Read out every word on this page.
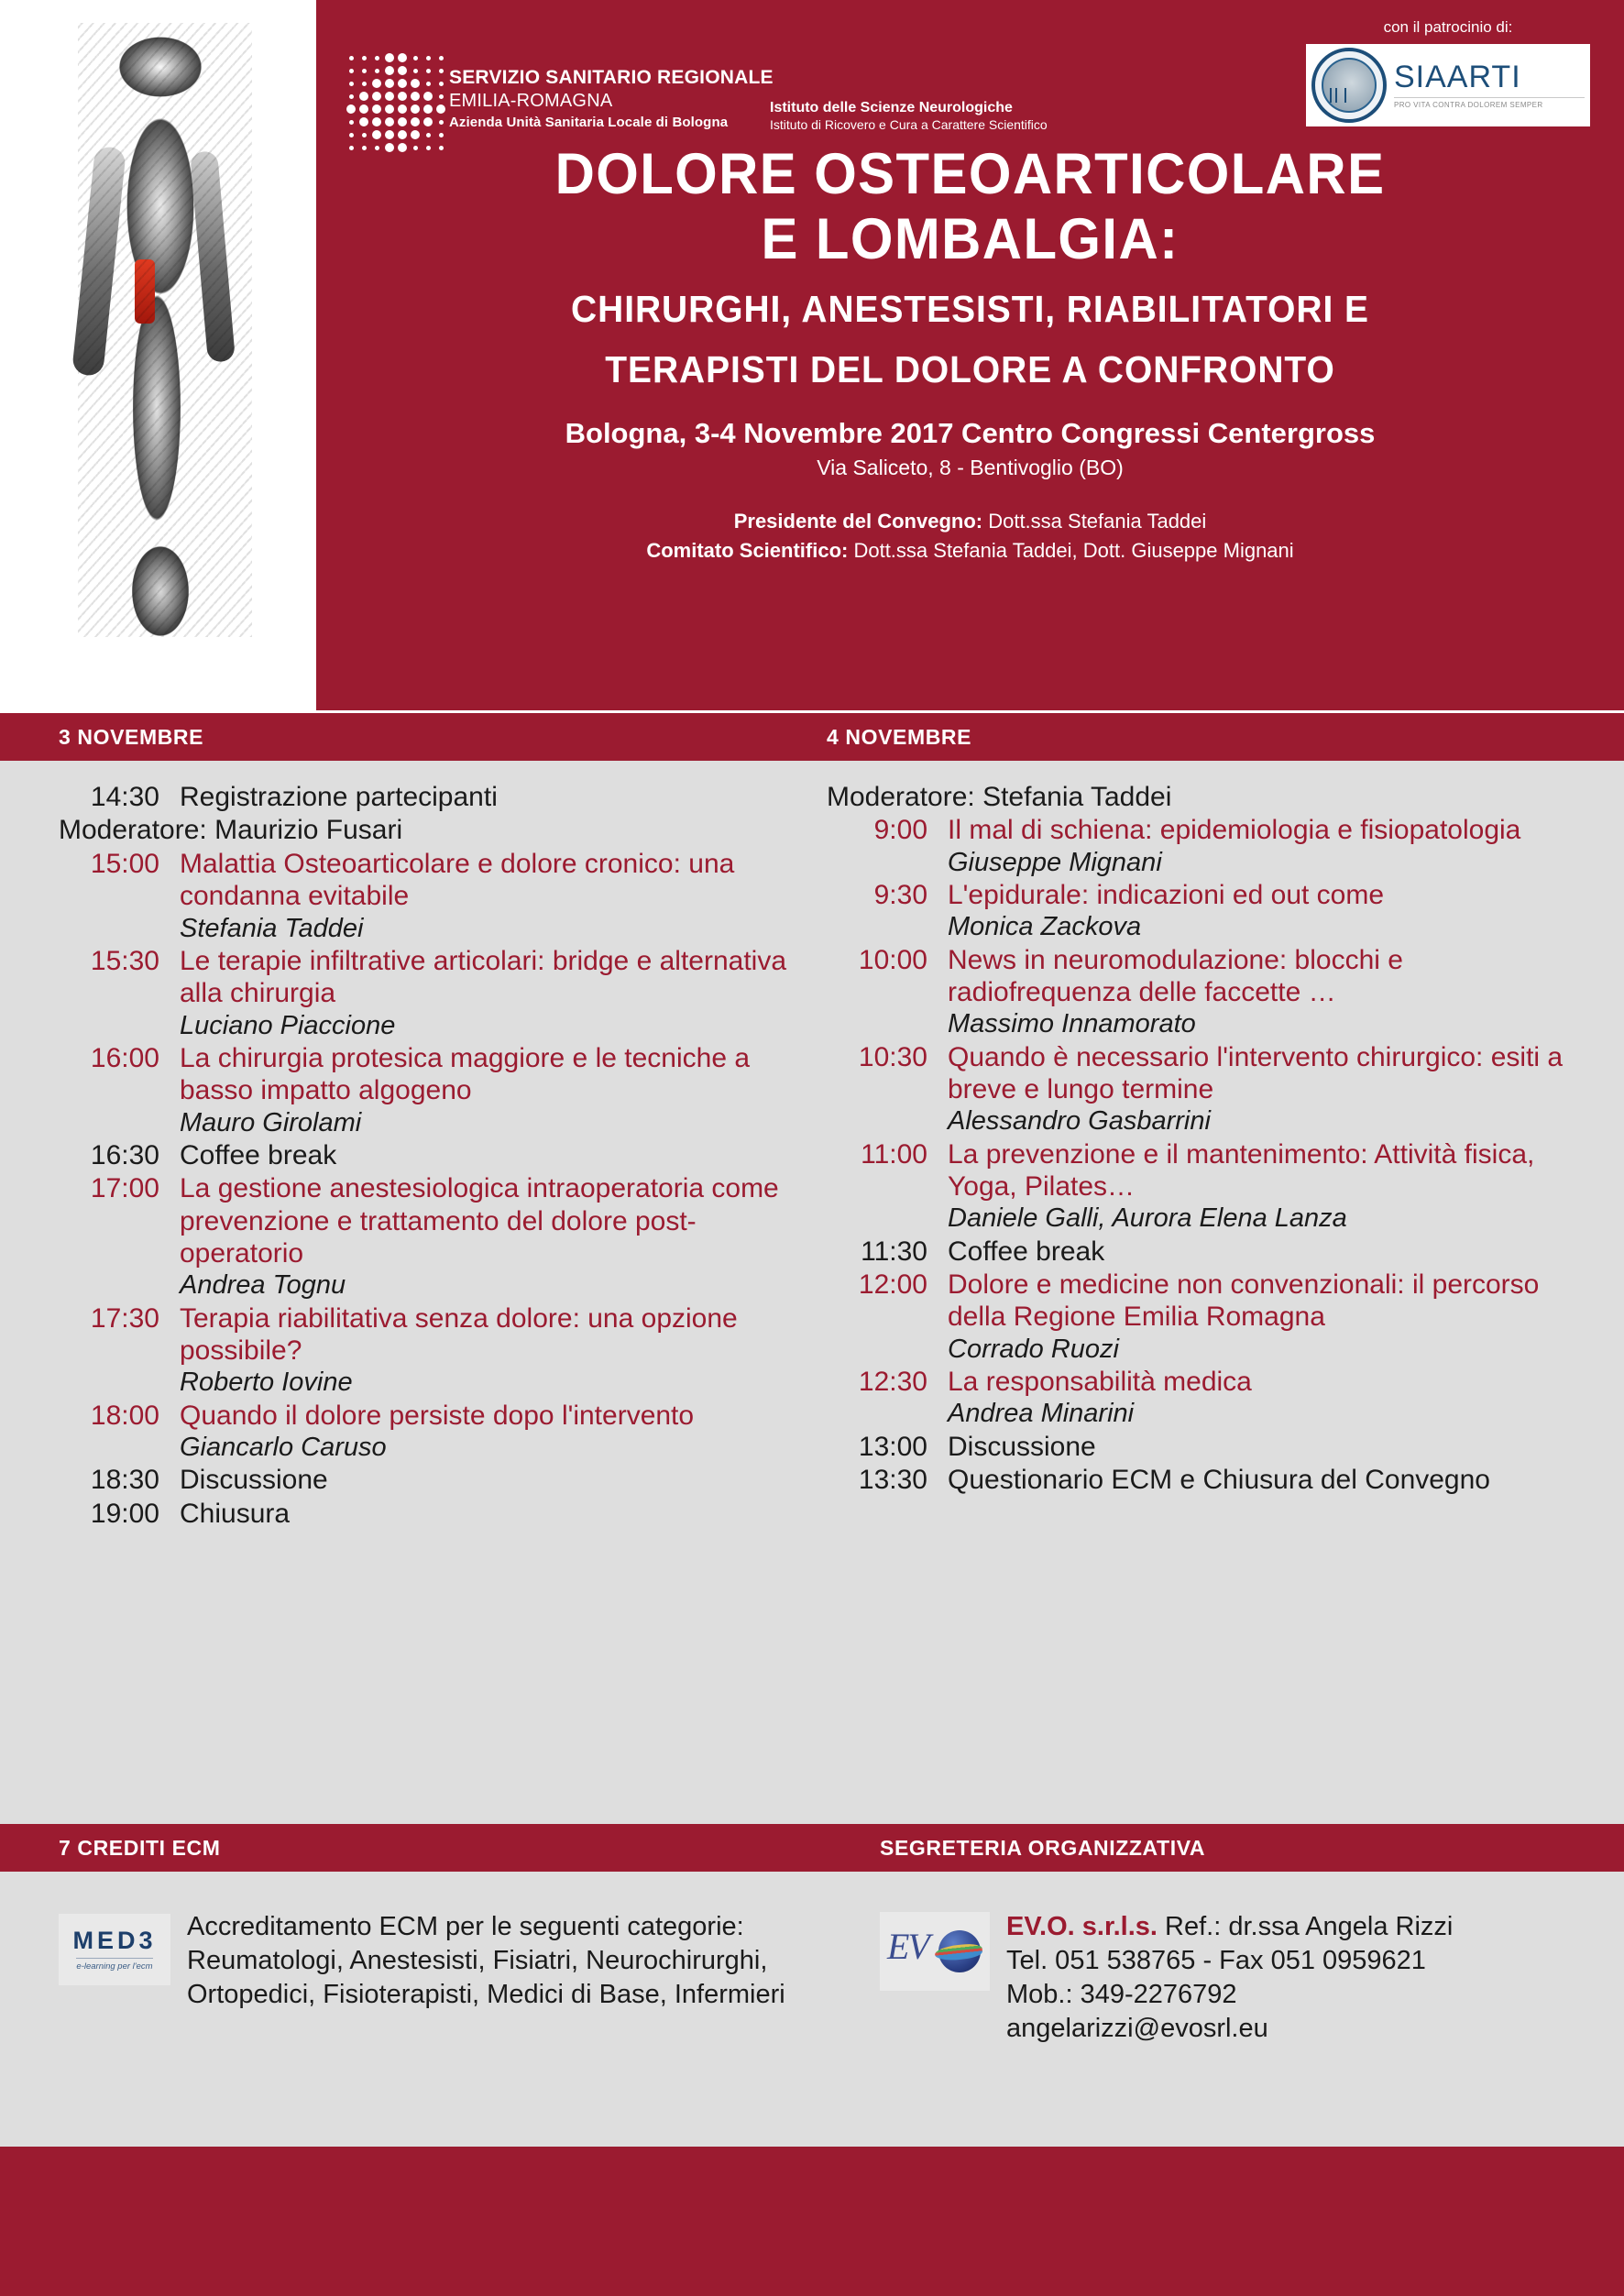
SERVIZIO SANITARIO REGIONALE
EMILIA-ROMAGNA
Azienda Unità Sanitaria Locale di Bologna
Istituto delle Scienze Neurologiche
Istituto di Ricovero e Cura a Carattere Scientifico
con il patrocinio di:
SIAARTI
PRO VITA CONTRA DOLOREM SEMPER
DOLORE OSTEOARTICOLARE
E LOMBALGIA:
CHIRURGHI, ANESTESISTI, RIABILITATORI E
TERAPISTI DEL DOLORE A CONFRONTO
Bologna, 3-4 Novembre 2017 Centro Congressi Centergross
Via Saliceto, 8 - Bentivoglio (BO)
Presidente del Convegno: Dott.ssa Stefania Taddei
Comitato Scientifico: Dott.ssa Stefania Taddei, Dott. Giuseppe Mignani
3 NOVEMBRE	4 NOVEMBRE
14:30 Registrazione partecipanti
Moderatore: Maurizio Fusari
15:00 Malattia Osteoarticolare e dolore cronico: una condanna evitabile
Stefania Taddei
15:30 Le terapie infiltrative articolari: bridge e alternativa alla chirurgia
Luciano Piaccione
16:00 La chirurgia protesica maggiore e le tecniche a basso impatto algogeno
Mauro Girolami
16:30 Coffee break
17:00 La gestione anestesiologica intraoperatoria come prevenzione e trattamento del dolore post-operatorio
Andrea Tognu
17:30 Terapia riabilitativa senza dolore: una opzione possibile?
Roberto Iovine
18:00 Quando il dolore persiste dopo l'intervento
Giancarlo Caruso
18:30 Discussione
19:00 Chiusura
Moderatore: Stefania Taddei
9:00 Il mal di schiena: epidemiologia e fisiopatologia
Giuseppe Mignani
9:30 L'epidurale: indicazioni ed out come
Monica Zackova
10:00 News in neuromodulazione: blocchi e radiofrequenza delle faccette …
Massimo Innamorato
10:30 Quando è necessario l'intervento chirurgico: esiti a breve e lungo termine
Alessandro Gasbarrini
11:00 La prevenzione e il mantenimento: Attività fisica, Yoga, Pilates…
Daniele Galli, Aurora Elena Lanza
11:30 Coffee break
12:00 Dolore e medicine non convenzionali: il percorso della Regione Emilia Romagna
Corrado Ruozi
12:30 La responsabilità medica
Andrea Minarini
13:00 Discussione
13:30 Questionario ECM e Chiusura del Convegno
7 CREDITI ECM	SEGRETERIA ORGANIZZATIVA
MED3
e-learning per l'ecm
Accreditamento ECM per le seguenti categorie: Reumatologi, Anestesisti, Fisiatri, Neurochirurghi, Ortopedici, Fisioterapisti, Medici di Base, Infermieri
EV	EV.O. s.r.l.s. Ref.: dr.ssa Angela Rizzi
Tel. 051 538765 - Fax 051 0959621
Mob.: 349-2276792
angelarizzi@evosrl.eu
